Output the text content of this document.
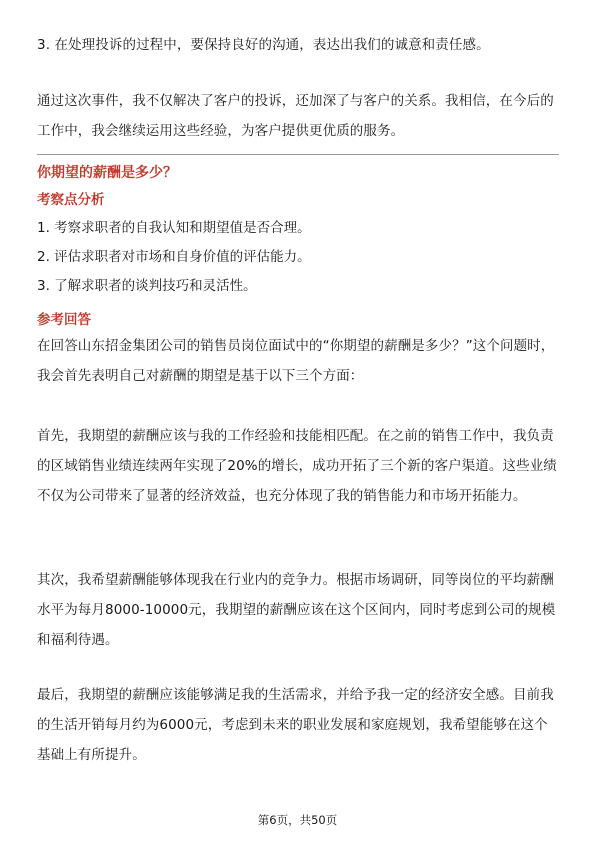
3. 在处理投诉的过程中，要保持良好的沟通，表达出我们的诚意和责任感。

通过这次事件，我不仅解决了客户的投诉，还加深了与客户的关系。我相信，在今后的工作中，我会继续运用这些经验，为客户提供更优质的服务。

你期望的薪酬是多少？

考察点分析

1. 考察求职者的自我认知和期望值是否合理。

2. 评估求职者对市场和自身价值的评估能力。

3. 了解求职者的谈判技巧和灵活性。

参考回答

在回答山东招金集团公司的销售员岗位面试中的“你期望的薪酬是多少？”这个问题时，我会首先表明自己对薪酬的期望是基于以下三个方面：

首先，我期望的薪酬应该与我的工作经验和技能相匹配。在之前的销售工作中，我负责的区域销售业绩连续两年实现了20%的增长，成功开拓了三个新的客户渠道。这些业绩不仅为公司带来了显著的经济效益，也充分体现了我的销售能力和市场开拓能力。

其次，我希望薪酬能够体现我在行业内的竞争力。根据市场调研，同等岗位的平均薪酬水平为每月8000-10000元，我期望的薪酬应该在这个区间内，同时考虑到公司的规模和福利待遇。

最后，我期望的薪酬应该能够满足我的生活需求，并给予我一定的经济安全感。目前我的生活开销每月约为6000元，考虑到未来的职业发展和家庭规划，我希望能够在这个基础上有所提升。

第6页，共50页
